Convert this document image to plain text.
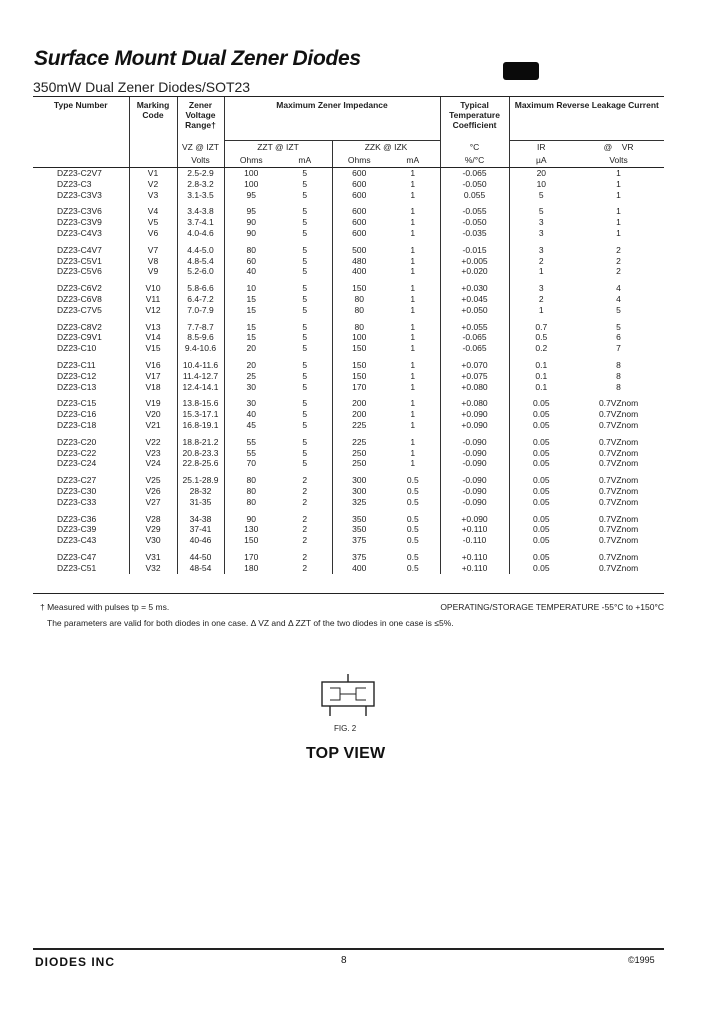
Surface Mount Dual Zener Diodes
350mW Dual Zener Diodes/SOT23
Type Number	Marking Code	Zener Voltage Range†	Maximum Zener Impedance				Typical Temperature Coefficient	Maximum Reverse Leakage Current	
		VZ @ IZT	ZZT @ IZT		ZZK @ IZK		°C	IR	@ VR
		Volts	Ohms	mA	Ohms	mA	%/°C	µA	Volts
DZ23-C2V7	V1	2.5-2.9	100	5	600	1	-0.065	20	1
DZ23-C3	V2	2.8-3.2	100	5	600	1	-0.050	10	1
DZ23-C3V3	V3	3.1-3.5	95	5	600	1	0.055	5	1
DZ23-C3V6	V4	3.4-3.8	95	5	600	1	-0.055	5	1
DZ23-C3V9	V5	3.7-4.1	90	5	600	1	-0.050	3	1
DZ23-C4V3	V6	4.0-4.6	90	5	600	1	-0.035	3	1
DZ23-C4V7	V7	4.4-5.0	80	5	500	1	-0.015	3	2
DZ23-C5V1	V8	4.8-5.4	60	5	480	1	+0.005	2	2
DZ23-C5V6	V9	5.2-6.0	40	5	400	1	+0.020	1	2
DZ23-C6V2	V10	5.8-6.6	10	5	150	1	+0.030	3	4
DZ23-C6V8	V11	6.4-7.2	15	5	80	1	+0.045	2	4
DZ23-C7V5	V12	7.0-7.9	15	5	80	1	+0.050	1	5
DZ23-C8V2	V13	7.7-8.7	15	5	80	1	+0.055	0.7	5
DZ23-C9V1	V14	8.5-9.6	15	5	100	1	-0.065	0.5	6
DZ23-C10	V15	9.4-10.6	20	5	150	1	-0.065	0.2	7
DZ23-C11	V16	10.4-11.6	20	5	150	1	+0.070	0.1	8
DZ23-C12	V17	11.4-12.7	25	5	150	1	+0.075	0.1	8
DZ23-C13	V18	12.4-14.1	30	5	170	1	+0.080	0.1	8
DZ23-C15	V19	13.8-15.6	30	5	200	1	+0.080	0.05	0.7VZnom
DZ23-C16	V20	15.3-17.1	40	5	200	1	+0.090	0.05	0.7VZnom
DZ23-C18	V21	16.8-19.1	45	5	225	1	+0.090	0.05	0.7VZnom
DZ23-C20	V22	18.8-21.2	55	5	225	1	-0.090	0.05	0.7VZnom
DZ23-C22	V23	20.8-23.3	55	5	250	1	-0.090	0.05	0.7VZnom
DZ23-C24	V24	22.8-25.6	70	5	250	1	-0.090	0.05	0.7VZnom
DZ23-C27	V25	25.1-28.9	80	2	300	0.5	-0.090	0.05	0.7VZnom
DZ23-C30	V26	28-32	80	2	300	0.5	-0.090	0.05	0.7VZnom
DZ23-C33	V27	31-35	80	2	325	0.5	-0.090	0.05	0.7VZnom
DZ23-C36	V28	34-38	90	2	350	0.5	+0.090	0.05	0.7VZnom
DZ23-C39	V29	37-41	130	2	350	0.5	+0.110	0.05	0.7VZnom
DZ23-C43	V30	40-46	150	2	375	0.5	-0.110	0.05	0.7VZnom
DZ23-C47	V31	44-50	170	2	375	0.5	+0.110	0.05	0.7VZnom
DZ23-C51	V32	48-54	180	2	400	0.5	+0.110	0.05	0.7VZnom
† Measured with pulses tp = 5 ms.	OPERATING/STORAGE TEMPERATURE -55°C to +150°C
The parameters are valid for both diodes in one case. Δ VZ and Δ ZZT of the two diodes in one case is ≤5%.
FIG. 2
TOP VIEW
DIODES INC	8	©1995
